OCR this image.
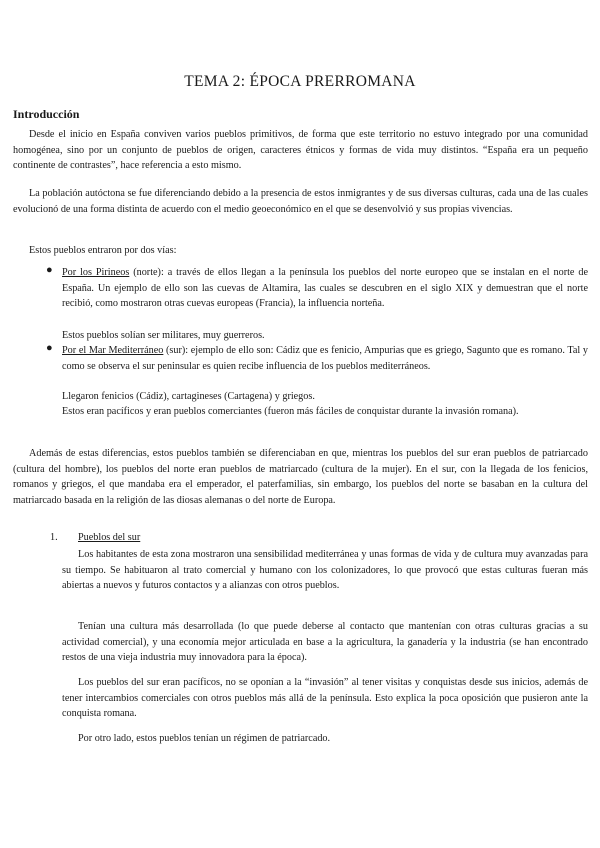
TEMA 2: ÉPOCA PRERROMANA
Introducción
Desde el inicio en España conviven varios pueblos primitivos, de forma que este territorio no estuvo integrado por una comunidad homogénea, sino por un conjunto de pueblos de origen, caracteres étnicos y formas de vida muy distintos. “España era un pequeño continente de contrastes”, hace referencia a esto mismo.
La población autóctona se fue diferenciando debido a la presencia de estos inmigrantes y de sus diversas culturas, cada una de las cuales evolucionó de una forma distinta de acuerdo con el medio geoeconómico en el que se desenvolvió y sus propias vivencias.
Estos pueblos entraron por dos vías:
● Por los Pirineos (norte): a través de ellos llegan a la península los pueblos del norte europeo que se instalan en el norte de España. Un ejemplo de ello son las cuevas de Altamira, las cuales se descubren en el siglo XIX y demuestran que el norte recibió, como mostraron otras cuevas europeas (Francia), la influencia norteña.
Estos pueblos solían ser militares, muy guerreros.
● Por el Mar Mediterráneo (sur): ejemplo de ello son: Cádiz que es fenicio, Ampurias que es griego, Sagunto que es romano. Tal y como se observa el sur peninsular es quien recibe influencia de los pueblos mediterráneos.
Llegaron fenicios (Cádiz), cartagineses (Cartagena) y griegos.
Estos eran pacíficos y eran pueblos comerciantes (fueron más fáciles de conquistar durante la invasión romana).
Además de estas diferencias, estos pueblos también se diferenciaban en que, mientras los pueblos del sur eran pueblos de patriarcado (cultura del hombre), los pueblos del norte eran pueblos de matriarcado (cultura de la mujer). En el sur, con la llegada de los fenicios, romanos y griegos, el que mandaba era el emperador, el paterfamilias, sin embargo, los pueblos del norte se basaban en la cultura del matriarcado basada en la religión de las diosas alemanas o del norte de Europa.
1. Pueblos del sur
Los habitantes de esta zona mostraron una sensibilidad mediterránea y unas formas de vida y de cultura muy avanzadas para su tiempo. Se habituaron al trato comercial y humano con los colonizadores, lo que provocó que estas culturas fueran más abiertas a nuevos y futuros contactos y a alianzas con otros pueblos.
Tenían una cultura más desarrollada (lo que puede deberse al contacto que mantenían con otras culturas gracias a su actividad comercial), y una economía mejor articulada en base a la agricultura, la ganadería y la industria (se han encontrado restos de una vieja industria muy innovadora para la época).
Los pueblos del sur eran pacíficos, no se oponían a la “invasión” al tener visitas y conquistas desde sus inicios, además de tener intercambios comerciales con otros pueblos más allá de la península. Esto explica la poca oposición que pusieron ante la conquista romana.
Por otro lado, estos pueblos tenían un régimen de patriarcado.
